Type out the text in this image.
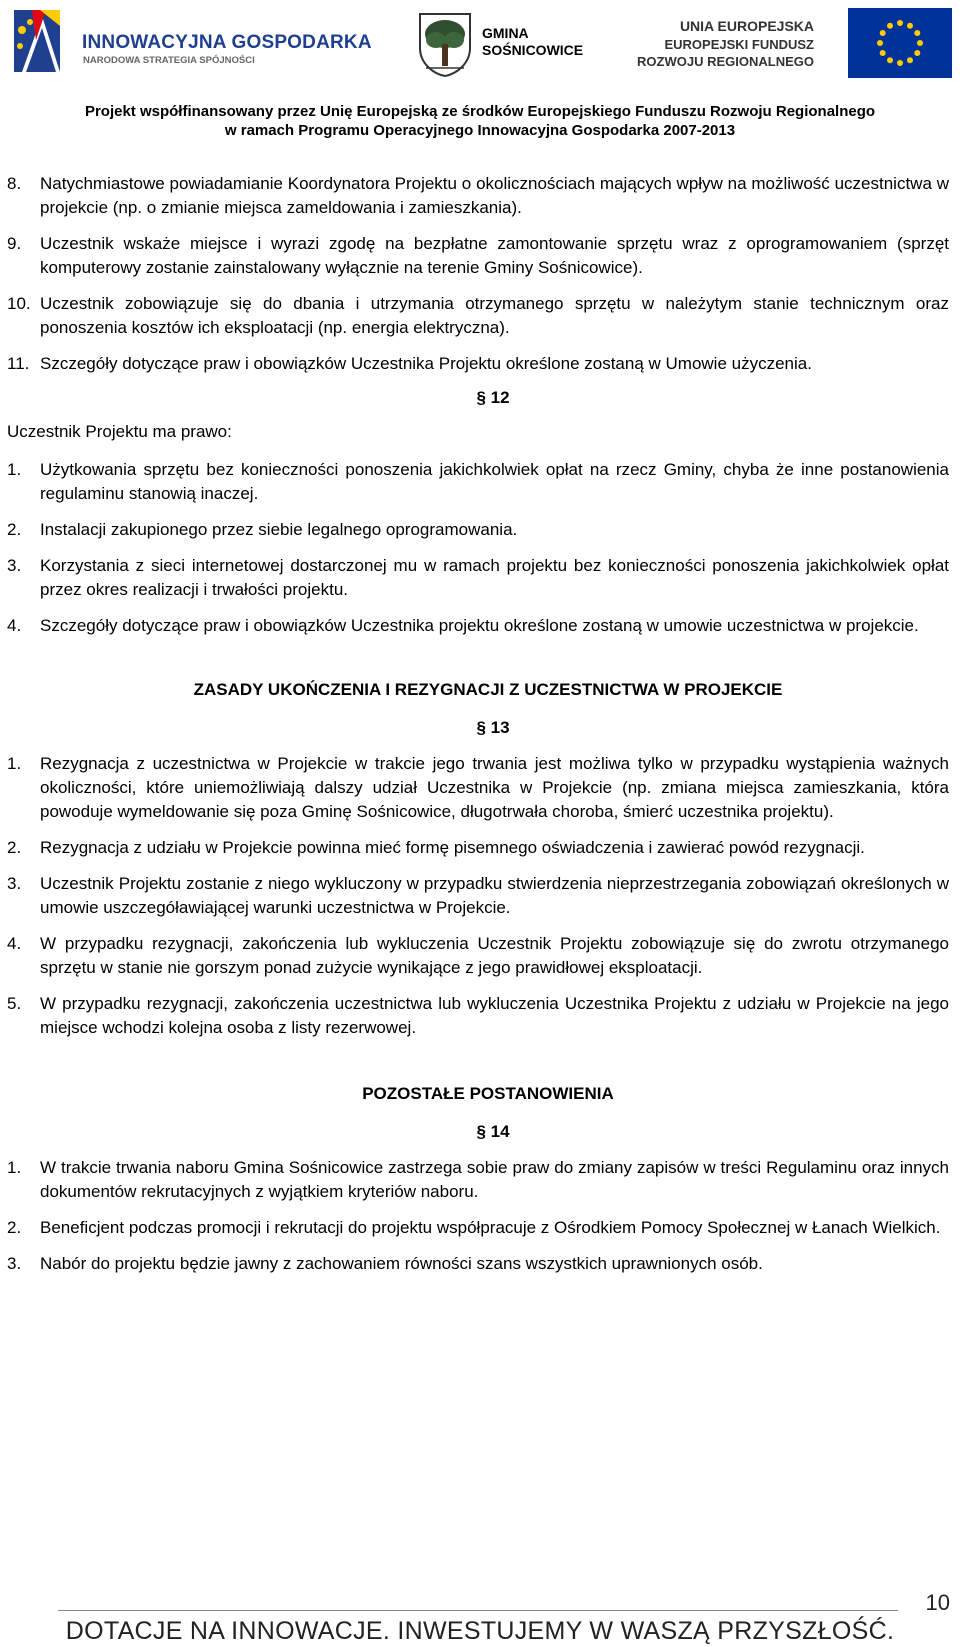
INNOWACYJNA GOSPODARKA
NARODOWA STRATEGIA SPÓJNOŚCI
GMINA
SOŚNICOWICE
UNIA EUROPEJSKA
EUROPEJSKI FUNDUSZ
ROZWOJU REGIONALNEGO
Projekt współfinansowany przez Unię Europejską ze środków Europejskiego Funduszu Rozwoju Regionalnego
w ramach Programu Operacyjnego Innowacyjna Gospodarka 2007-2013
8.	Natychmiastowe powiadamianie Koordynatora Projektu o okolicznościach mających wpływ na możliwość uczestnictwa w projekcie (np. o zmianie miejsca zameldowania i zamieszkania).
9.	Uczestnik wskaże miejsce i wyrazi zgodę na bezpłatne zamontowanie sprzętu wraz z oprogramowaniem (sprzęt komputerowy zostanie zainstalowany wyłącznie na terenie Gminy Sośnicowice).
10. Uczestnik zobowiązuje się do dbania i utrzymania otrzymanego sprzętu w należytym stanie technicznym oraz ponoszenia kosztów ich eksploatacji (np. energia elektryczna).
11. Szczegóły dotyczące praw i obowiązków Uczestnika Projektu określone zostaną w Umowie użyczenia.
§ 12
Uczestnik Projektu ma prawo:
1.	Użytkowania sprzętu bez konieczności ponoszenia jakichkolwiek opłat na rzecz Gminy, chyba że inne postanowienia regulaminu stanowią inaczej.
2.	Instalacji zakupionego przez siebie legalnego oprogramowania.
3.	Korzystania z sieci internetowej dostarczonej mu w ramach projektu bez konieczności ponoszenia jakichkolwiek opłat przez okres realizacji i trwałości projektu.
4.	Szczegóły dotyczące praw i obowiązków Uczestnika projektu określone zostaną w umowie uczestnictwa w projekcie.
ZASADY UKOŃCZENIA I REZYGNACJI Z UCZESTNICTWA W PROJEKCIE
§ 13
1.	Rezygnacja z uczestnictwa w Projekcie w trakcie jego trwania jest możliwa tylko w przypadku wystąpienia ważnych okoliczności, które uniemożliwiają dalszy udział Uczestnika w Projekcie (np. zmiana miejsca zamieszkania, która powoduje wymeldowanie się poza Gminę Sośnicowice, długotrwała choroba, śmierć uczestnika projektu).
2.	Rezygnacja z udziału w Projekcie powinna mieć formę pisemnego oświadczenia i zawierać powód rezygnacji.
3.	Uczestnik Projektu zostanie z niego wykluczony w przypadku stwierdzenia nieprzestrzegania zobowiązań określonych w umowie uszczegóławiającej warunki uczestnictwa w Projekcie.
4.	W przypadku rezygnacji, zakończenia lub wykluczenia Uczestnik Projektu zobowiązuje się do zwrotu otrzymanego sprzętu w stanie nie gorszym ponad zużycie wynikające z jego prawidłowej eksploatacji.
5.	W przypadku rezygnacji, zakończenia uczestnictwa lub wykluczenia Uczestnika Projektu z udziału w Projekcie na jego miejsce wchodzi kolejna osoba z listy rezerwowej.
POZOSTAŁE POSTANOWIENIA
§ 14
1.	W trakcie trwania naboru Gmina Sośnicowice zastrzega sobie praw do zmiany zapisów w treści Regulaminu oraz innych dokumentów rekrutacyjnych z wyjątkiem kryteriów naboru.
2.	Beneficjent podczas promocji i rekrutacji do projektu współpracuje z Ośrodkiem Pomocy Społecznej w Łanach Wielkich.
3.	Nabór do projektu będzie jawny z zachowaniem równości szans wszystkich uprawnionych osób.
10
DOTACJE NA INNOWACJE. INWESTUJEMY W WASZĄ PRZYSZŁOŚĆ.
